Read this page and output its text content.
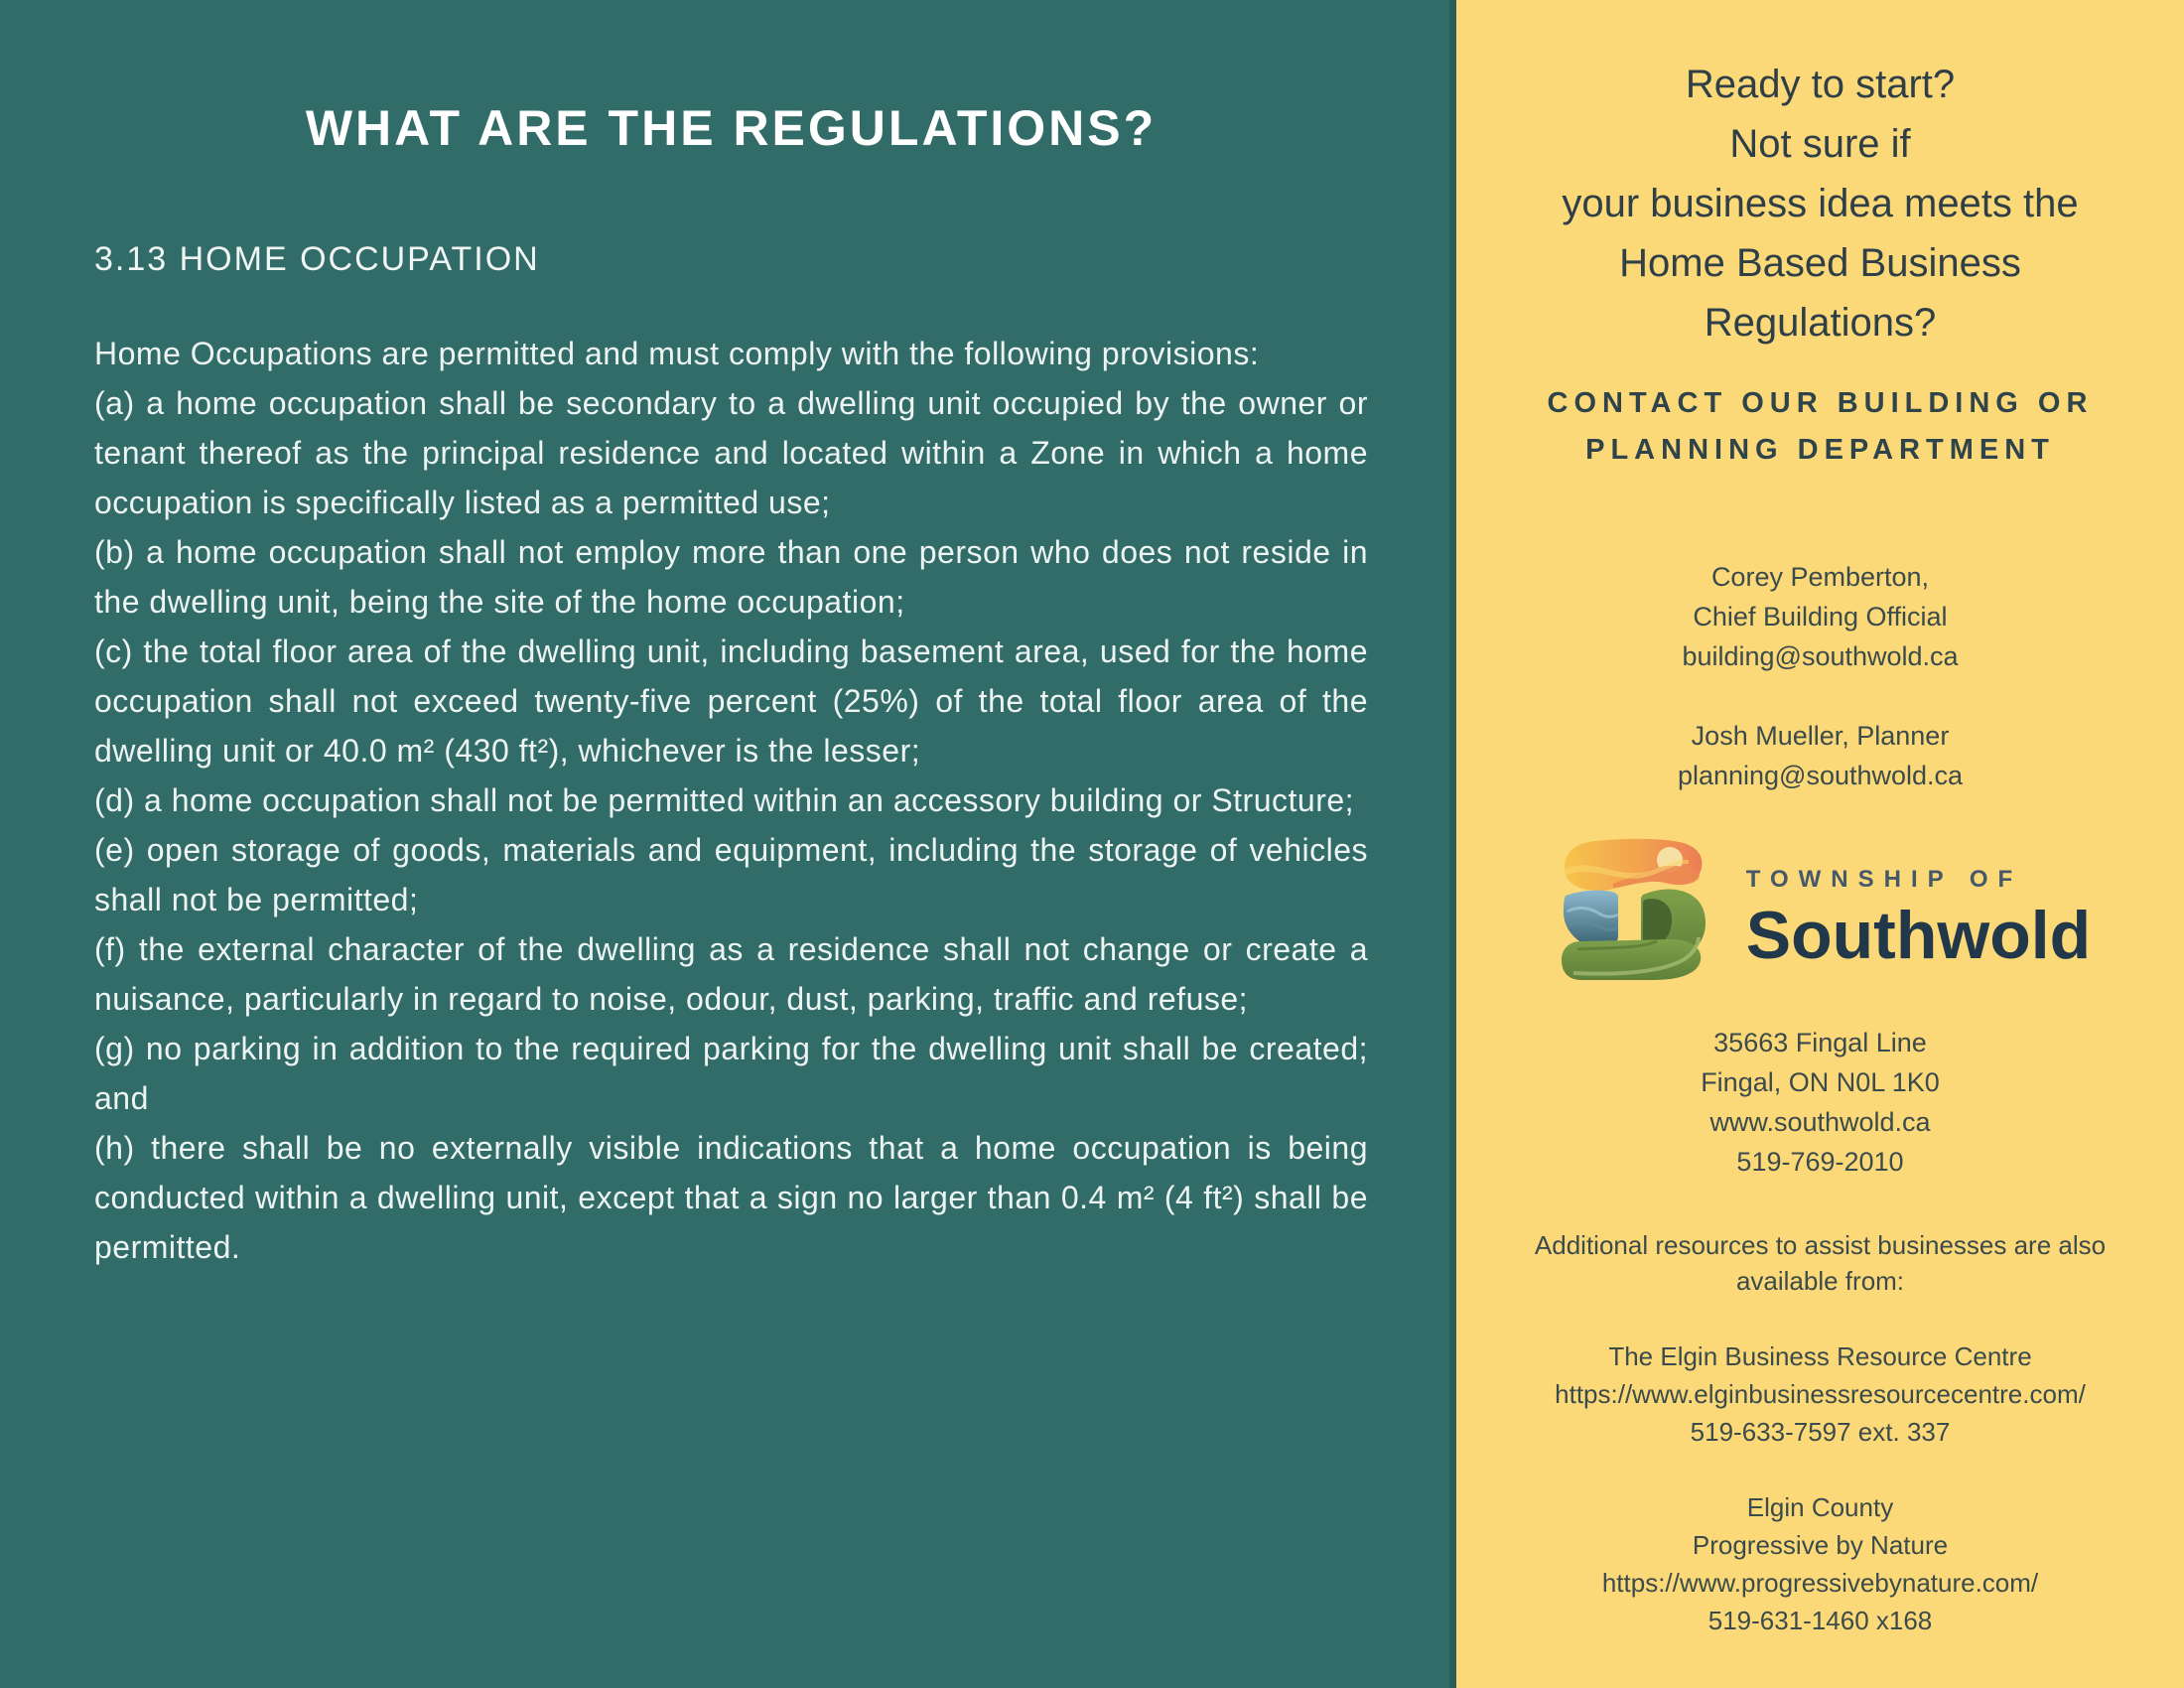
WHAT ARE THE REGULATIONS?
3.13 HOME OCCUPATION

Home Occupations are permitted and must comply with the following provisions:

(a) a home occupation shall be secondary to a dwelling unit occupied by the owner or tenant thereof as the principal residence and located within a Zone in which a home occupation is specifically listed as a permitted use;

(b) a home occupation shall not employ more than one person who does not reside in the dwelling unit, being the site of the home occupation;

(c) the total floor area of the dwelling unit, including basement area, used for the home occupation shall not exceed twenty-five percent (25%) of the total floor area of the dwelling unit or 40.0 m² (430 ft²), whichever is the lesser;

(d) a home occupation shall not be permitted within an accessory building or Structure;

(e) open storage of goods, materials and equipment, including the storage of vehicles shall not be permitted;

(f) the external character of the dwelling as a residence shall not change or create a nuisance, particularly in regard to noise, odour, dust, parking, traffic and refuse;

(g) no parking in addition to the required parking for the dwelling unit shall be created; and

(h) there shall be no externally visible indications that a home occupation is being conducted within a dwelling unit, except that a sign no larger than 0.4 m² (4 ft²) shall be permitted.

Ready to start?
Not sure if
your business idea meets the
Home Based Business
Regulations?
CONTACT OUR BUILDING OR
PLANNING DEPARTMENT
Corey Pemberton,
Chief Building Official
building@southwold.ca
Josh Mueller, Planner
planning@southwold.ca
TOWNSHIP OF
Southwold
35663 Fingal Line
Fingal, ON N0L 1K0
www.southwold.ca
519-769-2010
Additional resources to assist businesses are also available from:
The Elgin Business Resource Centre
https://www.elginbusinessresourcecentre.com/
519-633-7597 ext. 337
Elgin County
Progressive by Nature
https://www.progressivebynature.com/
519-631-1460 x168
